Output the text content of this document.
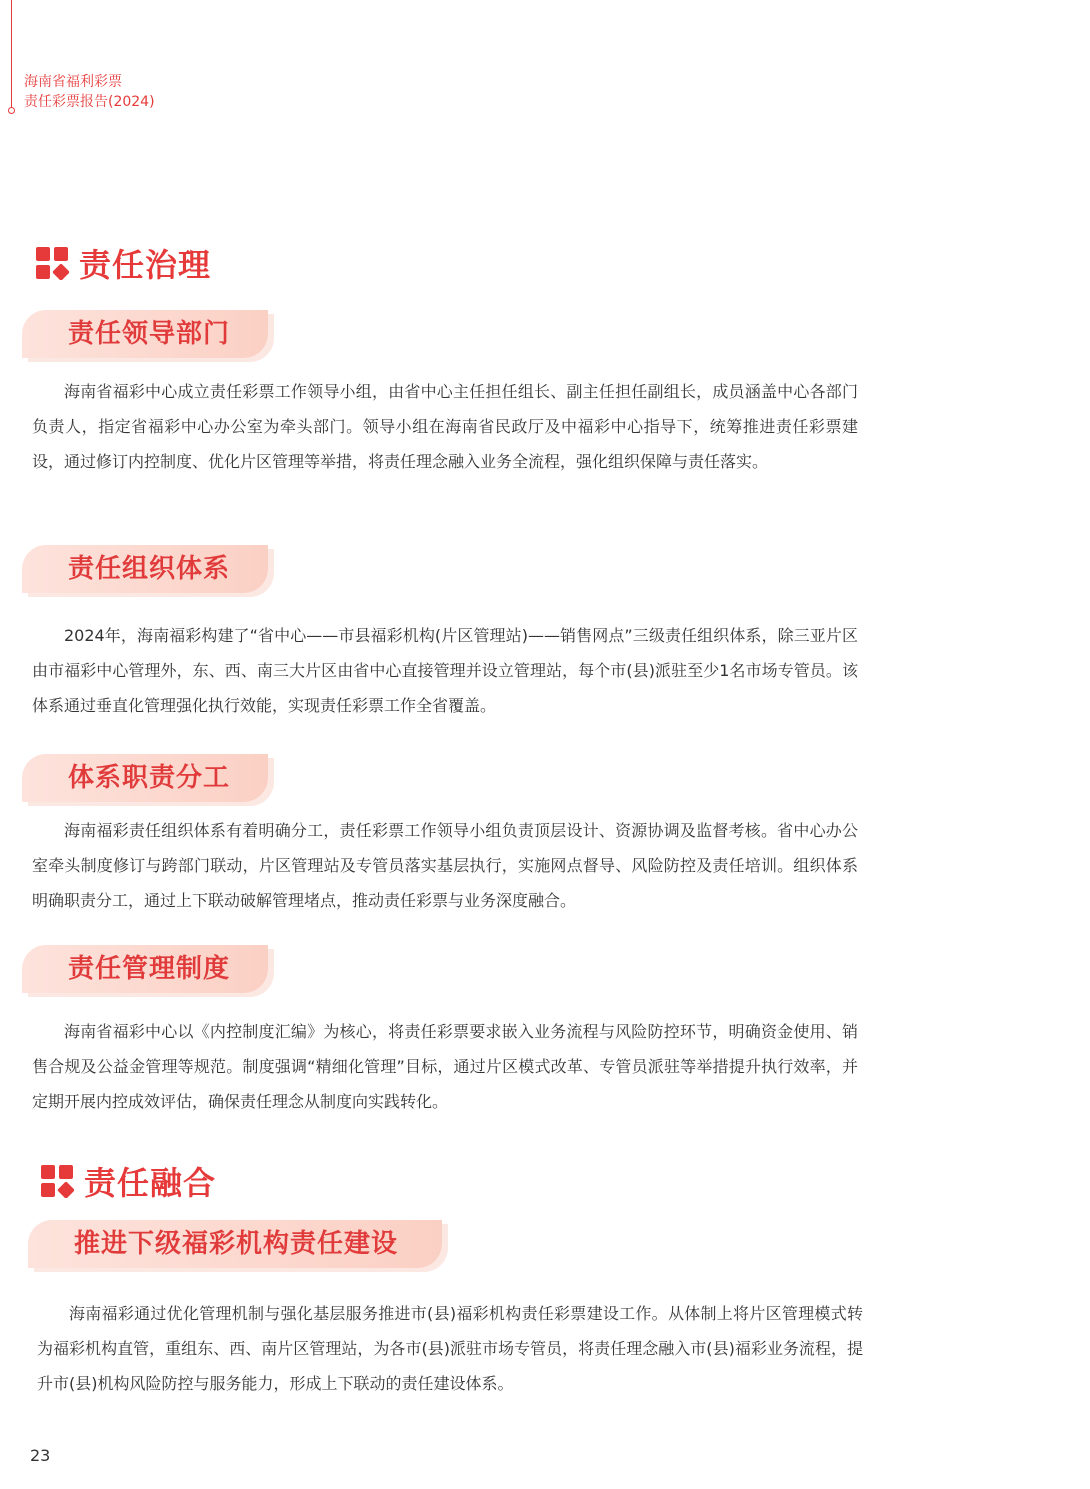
海南省福利彩票
责任彩票报告(2024)
责任治理
责任领导部门

海南省福彩中心成立责任彩票工作领导小组，由省中心主任担任组长、副主任担任副组长，成员涵盖中心各部门负责人，指定省福彩中心办公室为牵头部门。领导小组在海南省民政厅及中福彩中心指导下，统筹推进责任彩票建设，通过修订内控制度、优化片区管理等举措，将责任理念融入业务全流程，强化组织保障与责任落实。

责任组织体系

2024年，海南福彩构建了“省中心——市县福彩机构(片区管理站)——销售网点”三级责任组织体系，除三亚片区由市福彩中心管理外，东、西、南三大片区由省中心直接管理并设立管理站，每个市(县)派驻至少1名市场专管员。该体系通过垂直化管理强化执行效能，实现责任彩票工作全省覆盖。

体系职责分工

海南福彩责任组织体系有着明确分工，责任彩票工作领导小组负责顶层设计、资源协调及监督考核。省中心办公室牵头制度修订与跨部门联动，片区管理站及专管员落实基层执行，实施网点督导、风险防控及责任培训。组织体系明确职责分工，通过上下联动破解管理堵点，推动责任彩票与业务深度融合。

责任管理制度

海南省福彩中心以《内控制度汇编》为核心，将责任彩票要求嵌入业务流程与风险防控环节，明确资金使用、销售合规及公益金管理等规范。制度强调“精细化管理”目标，通过片区模式改革、专管员派驻等举措提升执行效率，并定期开展内控成效评估，确保责任理念从制度向实践转化。

责任融合
推进下级福彩机构责任建设

海南福彩通过优化管理机制与强化基层服务推进市(县)福彩机构责任彩票建设工作。从体制上将片区管理模式转为福彩机构直管，重组东、西、南片区管理站，为各市(县)派驻市场专管员，将责任理念融入市(县)福彩业务流程，提升市(县)机构风险防控与服务能力，形成上下联动的责任建设体系。

23
